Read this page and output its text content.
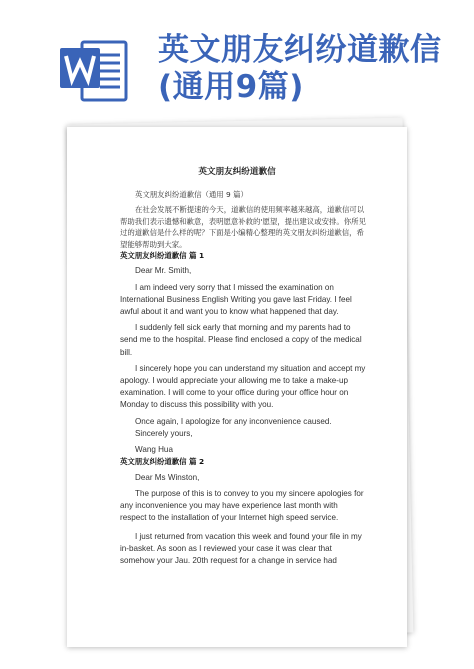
英文朋友纠纷道歉信(通用9篇)
英文朋友纠纷道歉信

英文朋友纠纷道歉信（通用 9 篇）

在社会发展不断提速的今天，道歉信的使用频率越来越高，道歉信可以帮助我们表示遗憾和歉意，表明愿意补救的'愿望，提出建议或安排。你所见过的道歉信是什么样的呢？下面是小编精心整理的英文朋友纠纷道歉信，希望能够帮助到大家。

英文朋友纠纷道歉信 篇 1

Dear Mr. Smith,

I am indeed very sorry that I missed the examination on International Business English Writing you gave last Friday. I feel awful about it and want you to know what happened that day.

I suddenly fell sick early that morning and my parents had to send me to the hospital. Please find enclosed a copy of the medical bill.

I sincerely hope you can understand my situation and accept my apology. I would appreciate your allowing me to take a make-up examination. I will come to your office during your office hour on Monday to discuss this possibility with you.

Once again, I apologize for any inconvenience caused.

Sincerely yours,

Wang Hua

英文朋友纠纷道歉信 篇 2

Dear Ms Winston,

The purpose of this is to convey to you my sincere apologies for any inconvenience you may have experience last month with respect to the installation of your Internet high speed service.

I just returned from vacation this week and found your file in my in-basket. As soon as I reviewed your case it was clear that somehow your Jau. 20th request for a change in service had
